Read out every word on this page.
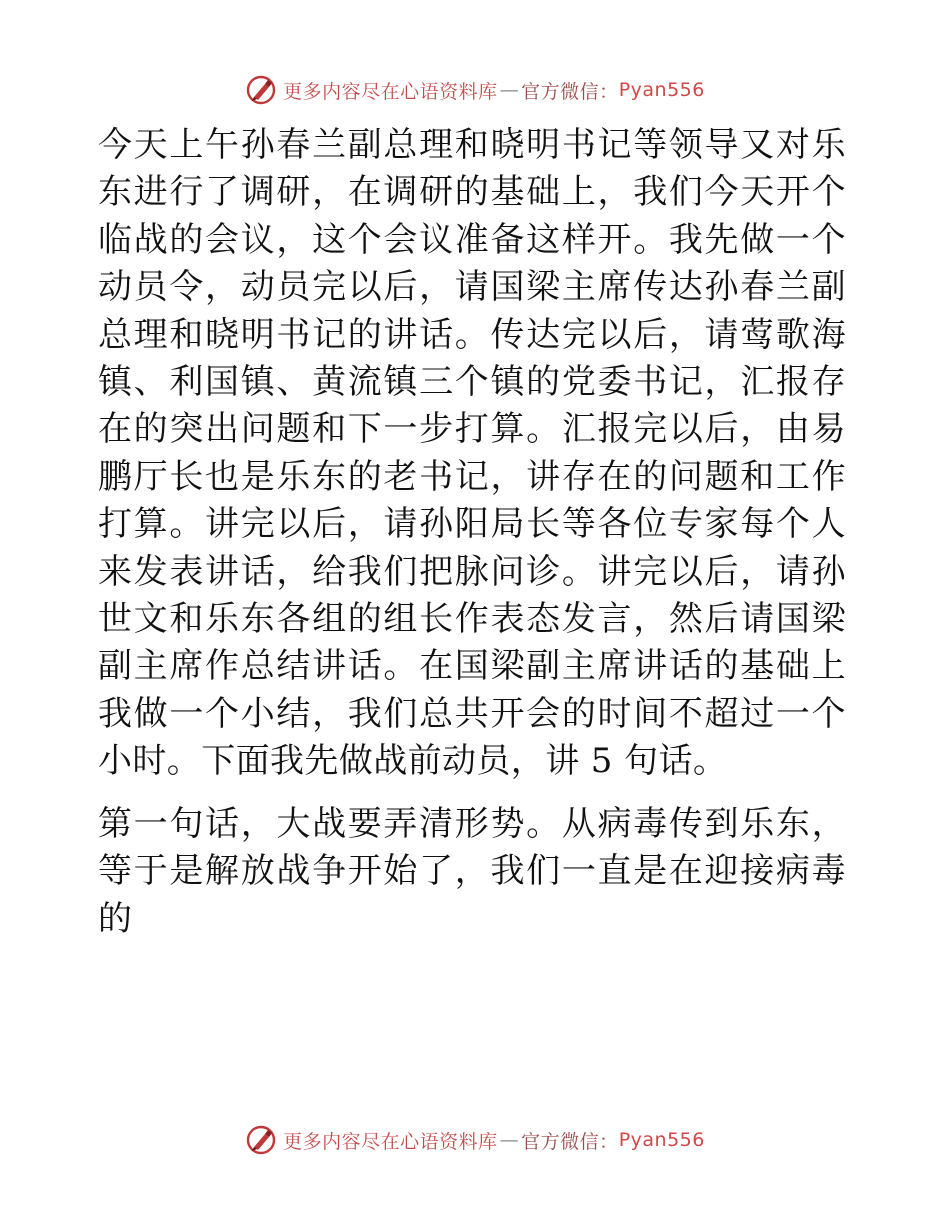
更多内容尽在心语资料库 — 官方微信： Pyan556

今天上午孙春兰副总理和晓明书记等领导又对乐东进行了调研，在调研的基础上，我们今天开个临战的会议，这个会议准备这样开。我先做一个动员令，动员完以后，请国梁主席传达孙春兰副总理和晓明书记的讲话。传达完以后，请莺歌海镇、利国镇、黄流镇三个镇的党委书记，汇报存在的突出问题和下一步打算。汇报完以后，由易鹏厅长也是乐东的老书记，讲存在的问题和工作打算。讲完以后，请孙阳局长等各位专家每个人来发表讲话，给我们把脉问诊。讲完以后，请孙世文和乐东各组的组长作表态发言，然后请国梁副主席作总结讲话。在国梁副主席讲话的基础上我做一个小结，我们总共开会的时间不超过一个小时。下面我先做战前动员，讲 5 句话。

第一句话，大战要弄清形势。从病毒传到乐东，等于是解放战争开始了，我们一直是在迎接病毒的

更多内容尽在心语资料库 — 官方微信： Pyan556
